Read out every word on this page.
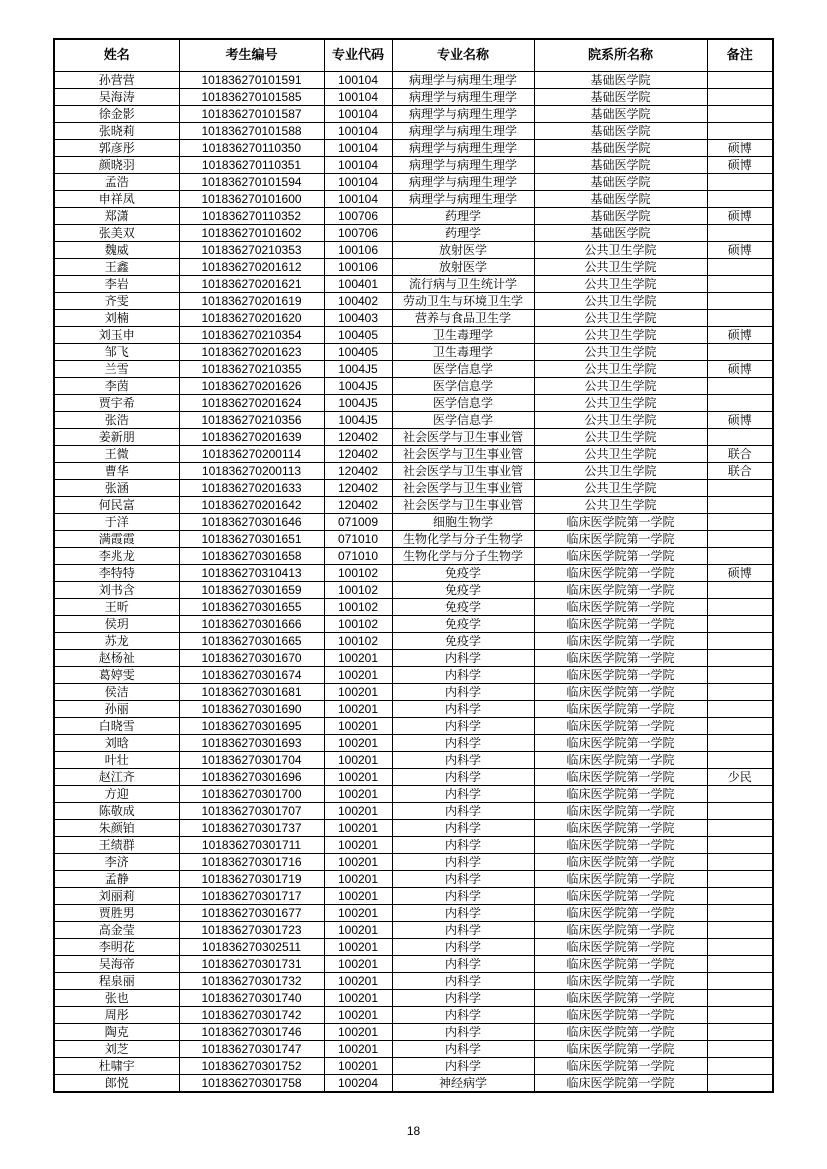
姓名	考生编号	专业代码	专业名称	院系所名称	备注
孙营营	101836270101591	100104	病理学与病理生理学	基础医学院	
吴海涛	101836270101585	100104	病理学与病理生理学	基础医学院	
徐金影	101836270101587	100104	病理学与病理生理学	基础医学院	
张晓莉	101836270101588	100104	病理学与病理生理学	基础医学院	
郭彦彤	101836270110350	100104	病理学与病理生理学	基础医学院	硕博
颜晓羽	101836270110351	100104	病理学与病理生理学	基础医学院	硕博
孟浩	101836270101594	100104	病理学与病理生理学	基础医学院	
申祥凤	101836270101600	100104	病理学与病理生理学	基础医学院	
郑潇	101836270110352	100706	药理学	基础医学院	硕博
张美双	101836270101602	100706	药理学	基础医学院	
魏威	101836270210353	100106	放射医学	公共卫生学院	硕博
王鑫	101836270201612	100106	放射医学	公共卫生学院	
李岩	101836270201621	100401	流行病与卫生统计学	公共卫生学院	
齐雯	101836270201619	100402	劳动卫生与环境卫生学	公共卫生学院	
刘楠	101836270201620	100403	营养与食品卫生学	公共卫生学院	
刘玉申	101836270210354	100405	卫生毒理学	公共卫生学院	硕博
邹飞	101836270201623	100405	卫生毒理学	公共卫生学院	
兰雪	101836270210355	1004J5	医学信息学	公共卫生学院	硕博
李茵	101836270201626	1004J5	医学信息学	公共卫生学院	
贾宇希	101836270201624	1004J5	医学信息学	公共卫生学院	
张浩	101836270210356	1004J5	医学信息学	公共卫生学院	硕博
姜新朋	101836270201639	120402	社会医学与卫生事业管	公共卫生学院	
王微	101836270200114	120402	社会医学与卫生事业管	公共卫生学院	联合
曹华	101836270200113	120402	社会医学与卫生事业管	公共卫生学院	联合
张涵	101836270201633	120402	社会医学与卫生事业管	公共卫生学院	
何民富	101836270201642	120402	社会医学与卫生事业管	公共卫生学院	
于洋	101836270301646	071009	细胞生物学	临床医学院第一学院	
满霞霞	101836270301651	071010	生物化学与分子生物学	临床医学院第一学院	
李兆龙	101836270301658	071010	生物化学与分子生物学	临床医学院第一学院	
李特特	101836270310413	100102	免疫学	临床医学院第一学院	硕博
刘书含	101836270301659	100102	免疫学	临床医学院第一学院	
王昕	101836270301655	100102	免疫学	临床医学院第一学院	
侯玥	101836270301666	100102	免疫学	临床医学院第一学院	
苏龙	101836270301665	100102	免疫学	临床医学院第一学院	
赵杨祉	101836270301670	100201	内科学	临床医学院第一学院	
葛婷雯	101836270301674	100201	内科学	临床医学院第一学院	
侯洁	101836270301681	100201	内科学	临床医学院第一学院	
孙丽	101836270301690	100201	内科学	临床医学院第一学院	
白晓雪	101836270301695	100201	内科学	临床医学院第一学院	
刘晗	101836270301693	100201	内科学	临床医学院第一学院	
叶壮	101836270301704	100201	内科学	临床医学院第一学院	
赵江齐	101836270301696	100201	内科学	临床医学院第一学院	少民
方迎	101836270301700	100201	内科学	临床医学院第一学院	
陈敬成	101836270301707	100201	内科学	临床医学院第一学院	
朱颜铂	101836270301737	100201	内科学	临床医学院第一学院	
王绩群	101836270301711	100201	内科学	临床医学院第一学院	
李济	101836270301716	100201	内科学	临床医学院第一学院	
孟静	101836270301719	100201	内科学	临床医学院第一学院	
刘丽莉	101836270301717	100201	内科学	临床医学院第一学院	
贾胜男	101836270301677	100201	内科学	临床医学院第一学院	
高金莹	101836270301723	100201	内科学	临床医学院第一学院	
李明花	101836270302511	100201	内科学	临床医学院第一学院	
吴海帝	101836270301731	100201	内科学	临床医学院第一学院	
程泉丽	101836270301732	100201	内科学	临床医学院第一学院	
张也	101836270301740	100201	内科学	临床医学院第一学院	
周彤	101836270301742	100201	内科学	临床医学院第一学院	
陶克	101836270301746	100201	内科学	临床医学院第一学院	
刘芝	101836270301747	100201	内科学	临床医学院第一学院	
杜啸宇	101836270301752	100201	内科学	临床医学院第一学院	
郎悦	101836270301758	100204	神经病学	临床医学院第一学院	
18
